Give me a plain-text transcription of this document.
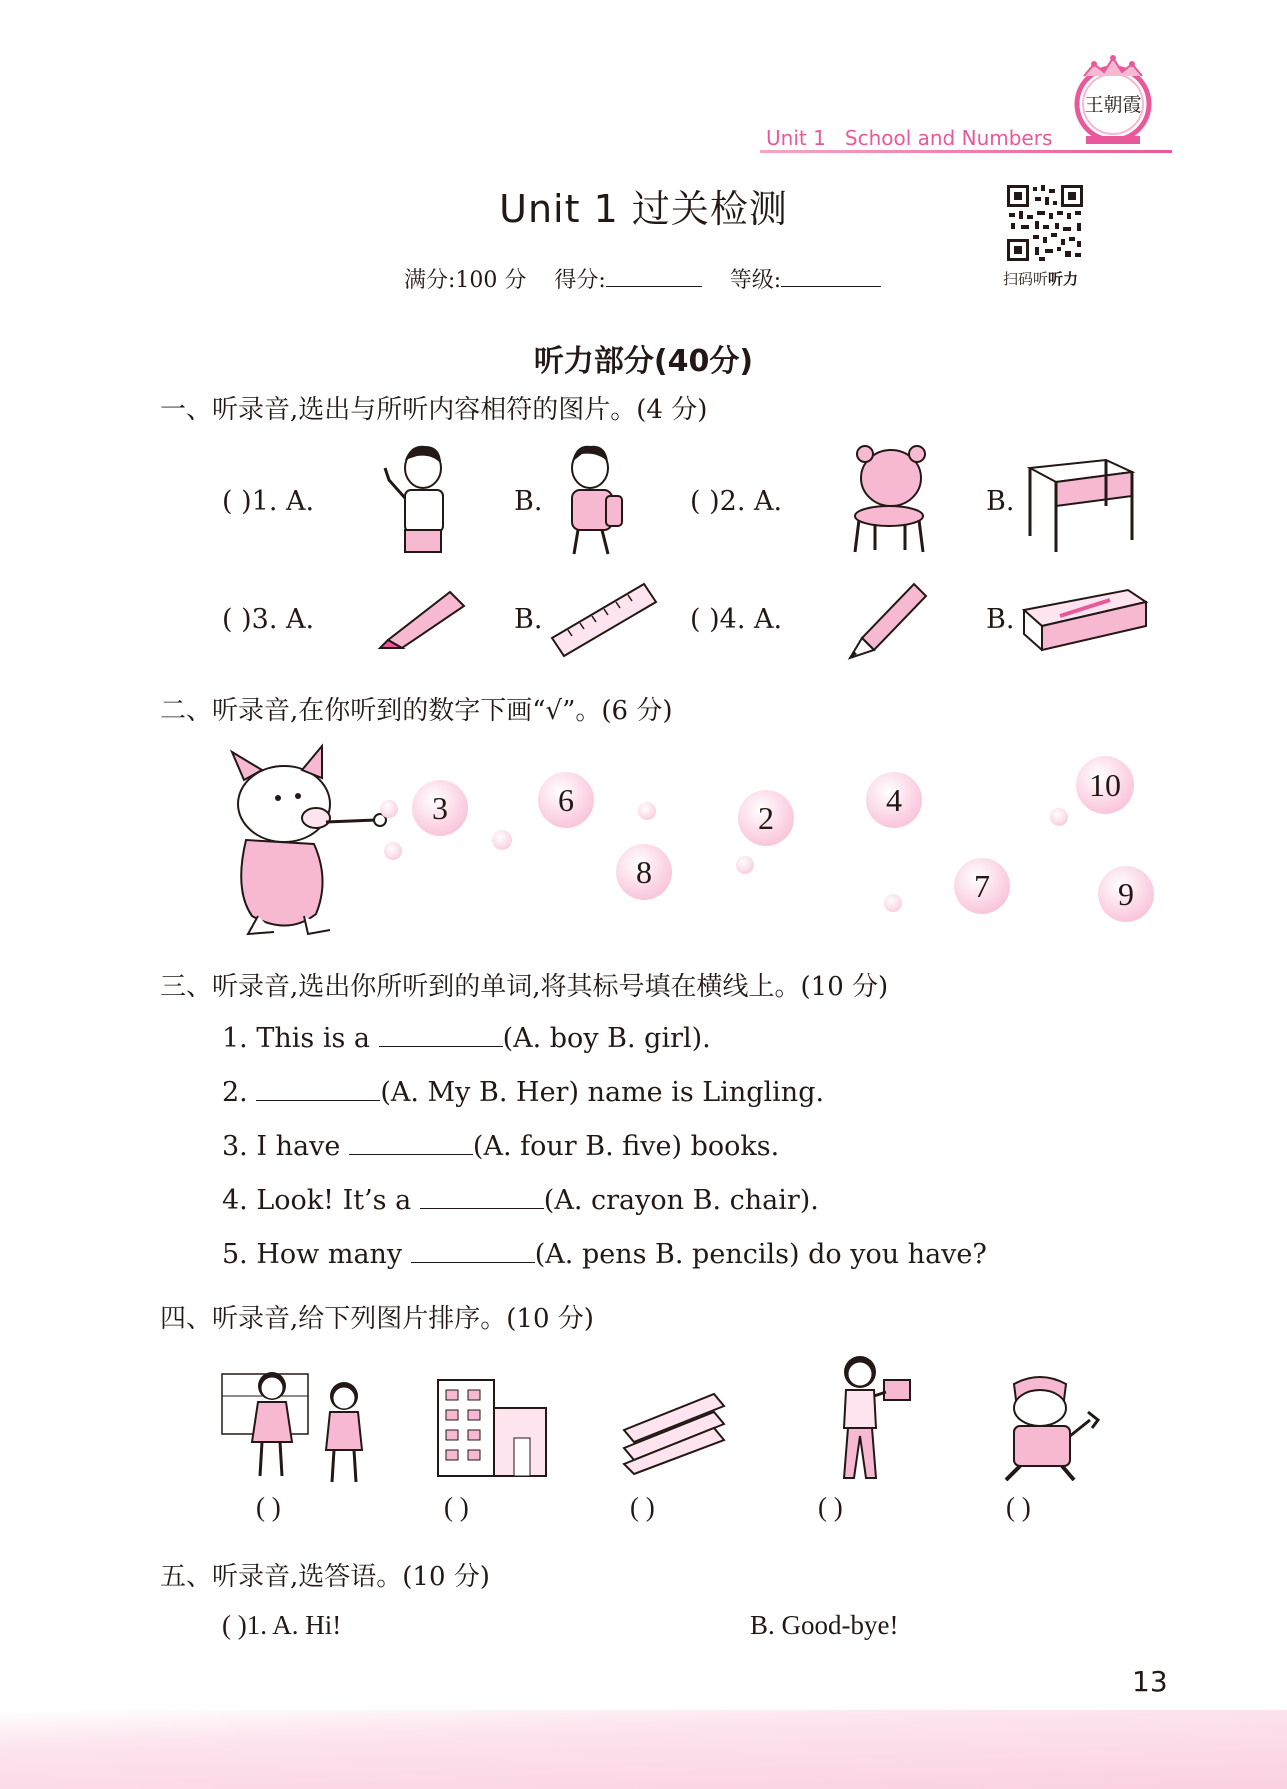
Unit 1 School and Numbers
王朝霞
Unit 1 过关检测
满分:100 分 得分:	等级:	扫码听听力
听力部分(40分)
一、听录音,选出与所听内容相符的图片。(4 分)
( )1. A.	B.	( )2. A.	B.
( )3. A.	B.	( )4. A.	B.
二、听录音,在你听到的数字下画“√”。(6 分)
3	6	2	4	10
8	7	9
三、听录音,选出你所听到的单词,将其标号填在横线上。(10 分)
1. This is a	(A. boy B. girl).
2.	(A. My B. Her) name is Lingling.
3. I have	(A. four B. five) books.
4. Look! It’s a	(A. crayon B. chair).
5. How many	(A. pens B. pencils) do you have?
四、听录音,给下列图片排序。(10 分)
( )	( )	( )	( )	( )
五、听录音,选答语。(10 分)
( )1. A. Hi!	B. Good-bye!
13
